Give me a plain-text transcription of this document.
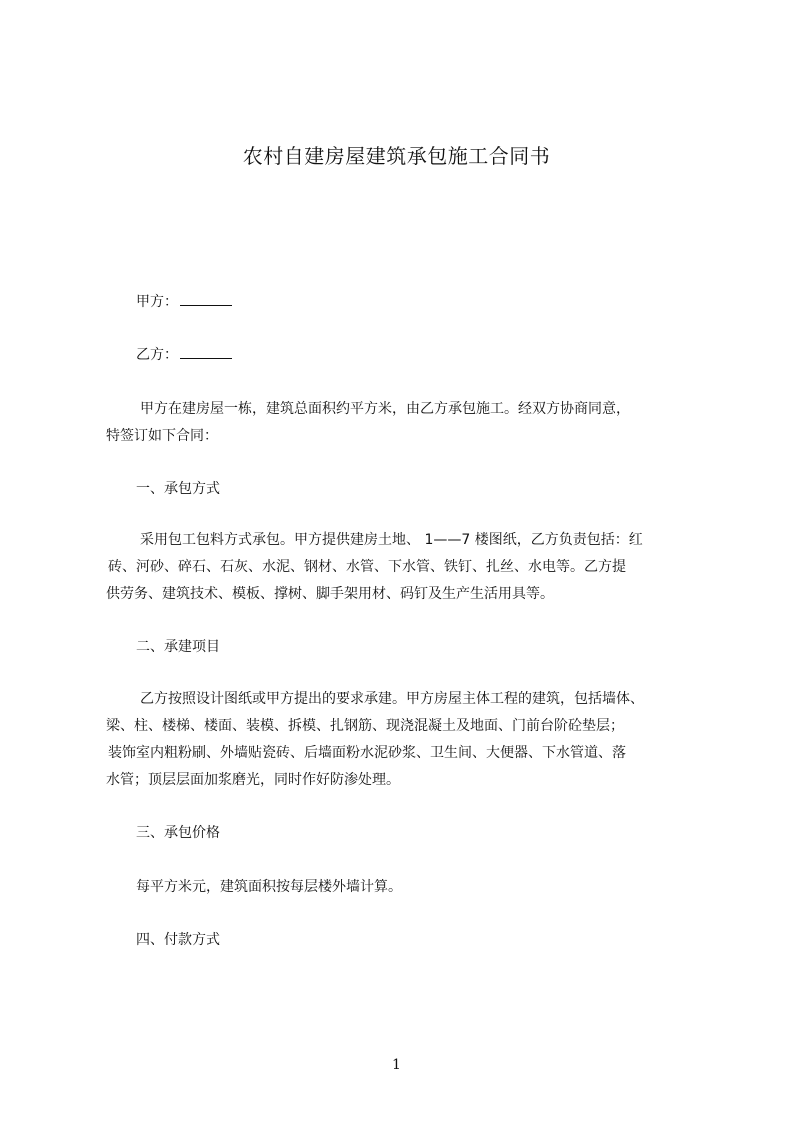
农村自建房屋建筑承包施工合同书
甲方：
乙方：
甲方在建房屋一栋，建筑总面积约平方米，由乙方承包施工。经双方协商同意，
特签订如下合同：
一、承包方式
采用包工包料方式承包。甲方提供建房土地、 1——7 楼图纸，乙方负责包括：红
砖、河砂、碎石、石灰、水泥、钢材、水管、下水管、铁钉、扎丝、水电等。乙方提
供劳务、建筑技术、模板、撑树、脚手架用材、码钉及生产生活用具等。
二、承建项目
乙方按照设计图纸或甲方提出的要求承建。甲方房屋主体工程的建筑，包括墙体、
梁、柱、楼梯、楼面、装模、拆模、扎钢筋、现浇混凝土及地面、门前台阶砼垫层；
装饰室内粗粉刷、外墙贴瓷砖、后墙面粉水泥砂浆、卫生间、大便器、下水管道、落
水管；顶层层面加浆磨光，同时作好防渗处理。
三、承包价格
每平方米元，建筑面积按每层楼外墙计算。
四、付款方式
1
